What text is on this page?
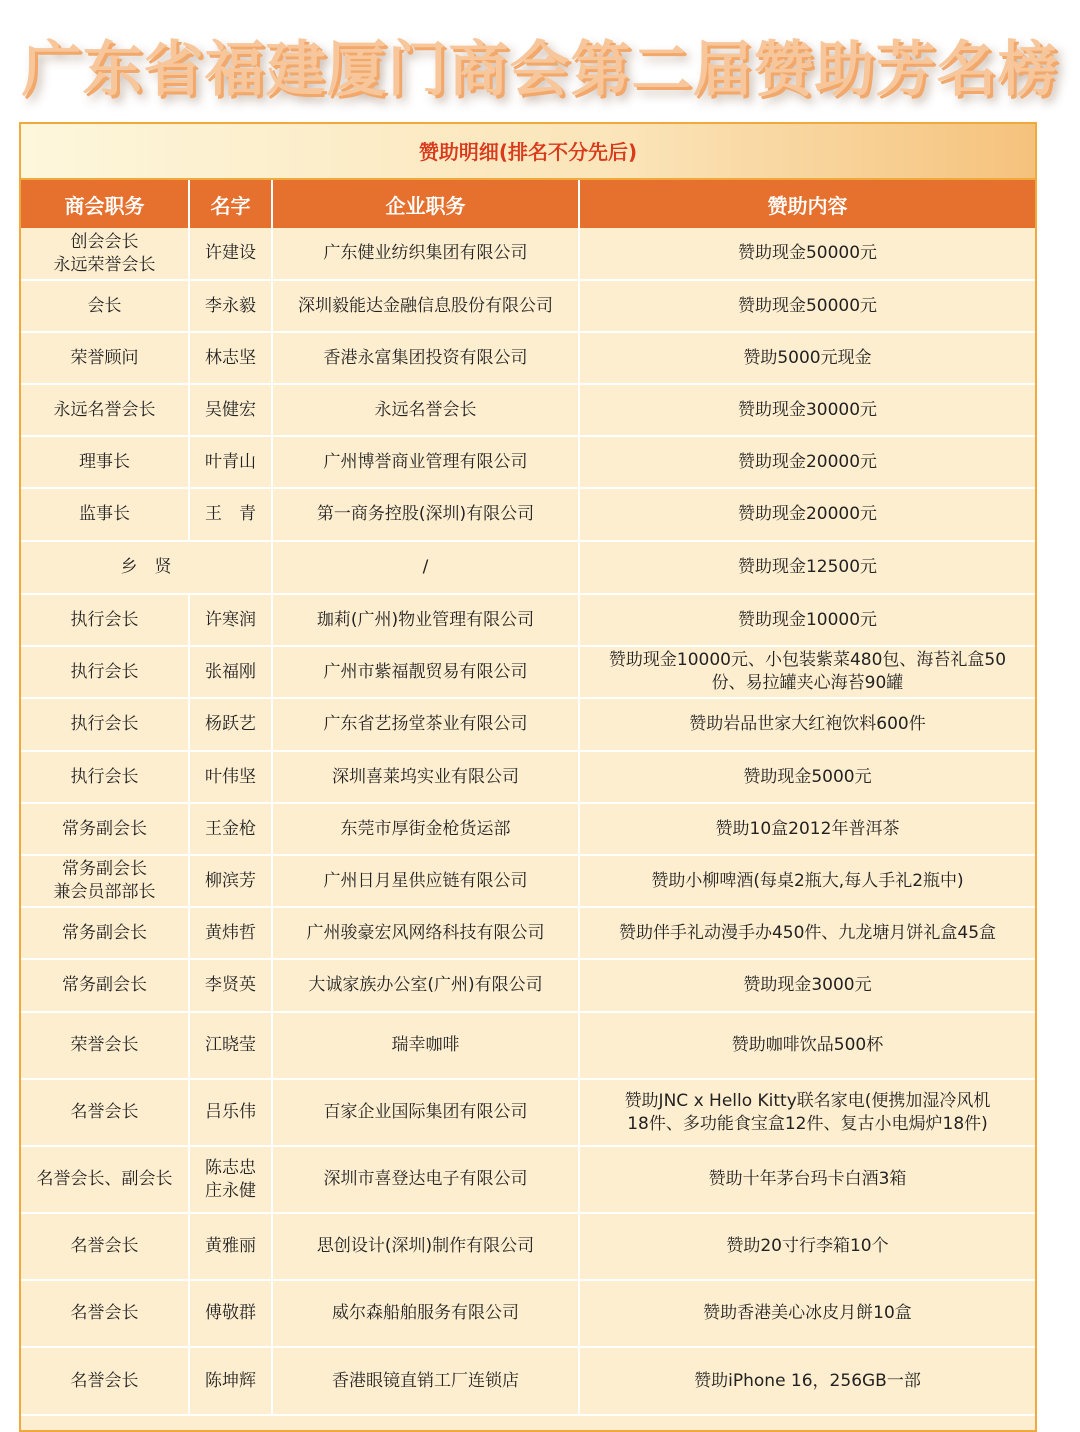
广东省福建厦门商会第二届赞助芳名榜
赞助明细(排名不分先后)
商会职务	名字	企业职务	赞助内容
创会会长
永远荣誉会长	许建设	广东健业纺织集团有限公司	赞助现金50000元
会长	李永毅	深圳毅能达金融信息股份有限公司	赞助现金50000元
荣誉顾问	林志坚	香港永富集团投资有限公司	赞助5000元现金
永远名誉会长	吴健宏	永远名誉会长	赞助现金30000元
理事长	叶青山	广州博誉商业管理有限公司	赞助现金20000元
监事长	王　青	第一商务控股(深圳)有限公司	赞助现金20000元
乡　贤		/	赞助现金12500元
执行会长	许寒润	珈莉(广州)物业管理有限公司	赞助现金10000元
执行会长	张福刚	广州市紫福靓贸易有限公司	赞助现金10000元、小包装紫菜480包、海苔礼盒50
份、易拉罐夹心海苔90罐
执行会长	杨跃艺	广东省艺扬堂茶业有限公司	赞助岩品世家大红袍饮料600件
执行会长	叶伟坚	深圳喜莱坞实业有限公司	赞助现金5000元
常务副会长	王金枪	东莞市厚街金枪货运部	赞助10盒2012年普洱茶
常务副会长
兼会员部部长	柳滨芳	广州日月星供应链有限公司	赞助小柳啤酒(每桌2瓶大,每人手礼2瓶中)
常务副会长	黄炜哲	广州骏豪宏风网络科技有限公司	赞助伴手礼动漫手办450件、九龙塘月饼礼盒45盒
常务副会长	李贤英	大诚家族办公室(广州)有限公司	赞助现金3000元
荣誉会长	江晓莹	瑞幸咖啡	赞助咖啡饮品500杯
名誉会长	吕乐伟	百家企业国际集团有限公司	赞助JNC x Hello Kitty联名家电(便携加湿冷风机
18件、多功能食宝盒12件、复古小电焗炉18件)
名誉会长、副会长	陈志忠
庄永健	深圳市喜登达电子有限公司	赞助十年茅台玛卡白酒3箱
名誉会长	黄雅丽	思创设计(深圳)制作有限公司	赞助20寸行李箱10个
名誉会长	傅敬群	威尔森船舶服务有限公司	赞助香港美心冰皮月餅10盒
名誉会长	陈坤辉	香港眼镜直销工厂连锁店	赞助iPhone 16，256GB一部
